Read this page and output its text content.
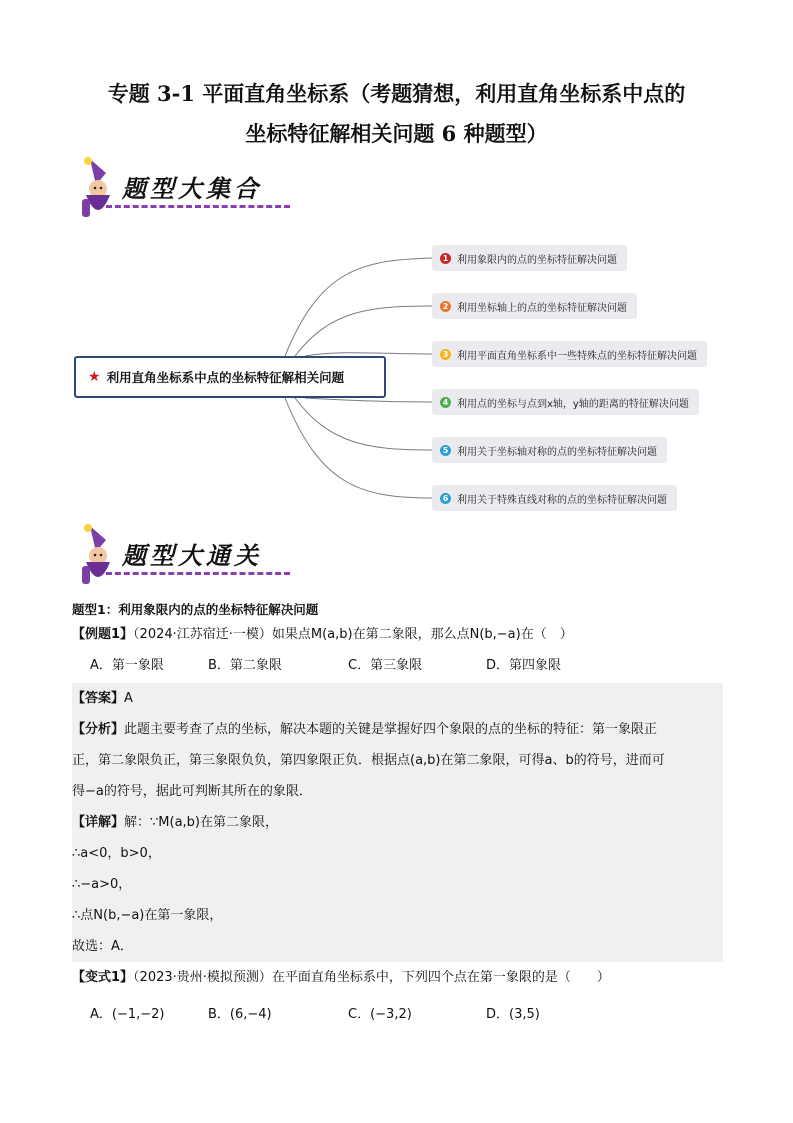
专题 3-1 平面直角坐标系（考题猜想，利用直角坐标系中点的
坐标特征解相关问题 6 种题型）
题型大集合
★ 利用直角坐标系中点的坐标特征解相关问题
1 利用象限内的点的坐标特征解决问题
2 利用坐标轴上的点的坐标特征解决问题
3 利用平面直角坐标系中一些特殊点的坐标特征解决问题
4 利用点的坐标与点到x轴，y轴的距离的特征解决问题
5 利用关于坐标轴对称的点的坐标特征解决问题
6 利用关于特殊直线对称的点的坐标特征解决问题
题型大通关
题型1：利用象限内的点的坐标特征解决问题
【例题1】（2024·江苏宿迁·一模）如果点M(a,b)在第二象限，那么点N(b,−a)在（　）
A．第一象限	B．第二象限	C．第三象限	D．第四象限
【答案】A
【分析】此题主要考查了点的坐标，解决本题的关键是掌握好四个象限的点的坐标的特征：第一象限正
正，第二象限负正，第三象限负负，第四象限正负．根据点(a,b)在第二象限，可得a、b的符号，进而可
得−a的符号，据此可判断其所在的象限．
【详解】解：∵M(a,b)在第二象限，
∴a<0，b>0，
∴−a>0，
∴点N(b,−a)在第一象限，
故选：A．
【变式1】（2023·贵州·模拟预测）在平面直角坐标系中，下列四个点在第一象限的是（　　）
A．(−1,−2)	B．(6,−4)	C．(−3,2)	D．(3,5)
